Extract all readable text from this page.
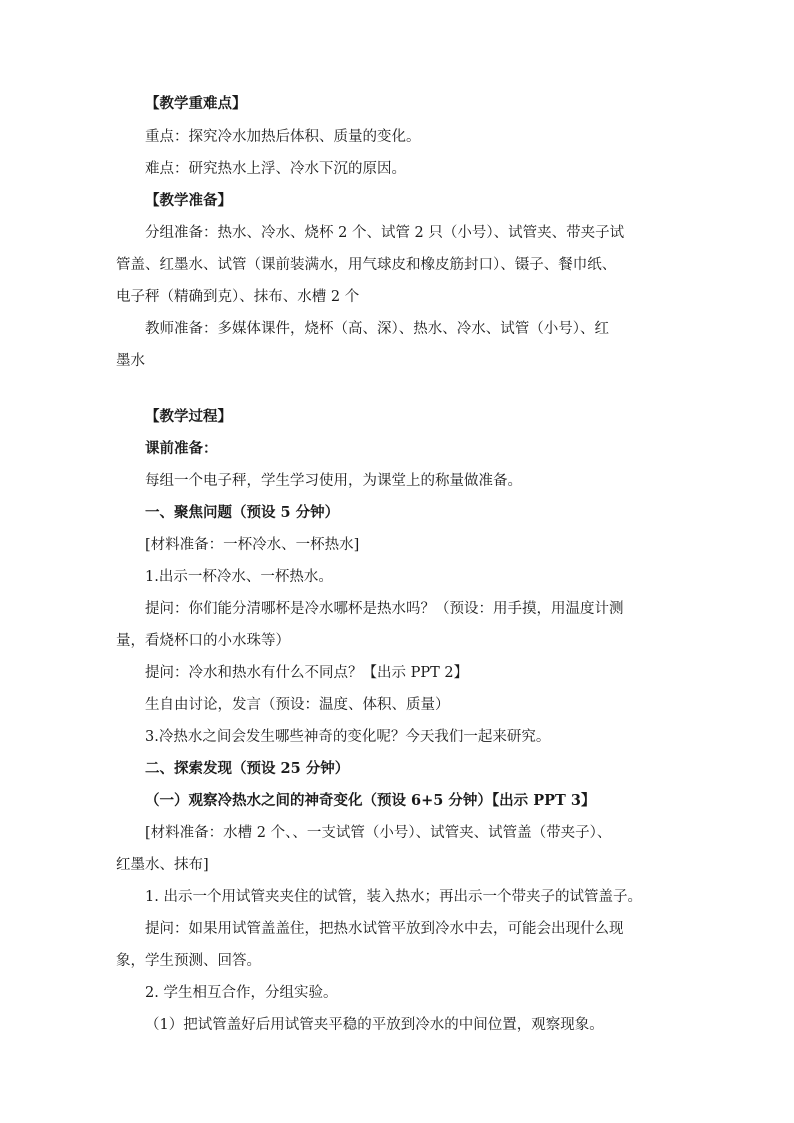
【教学重难点】
重点：探究冷水加热后体积、质量的变化。
难点：研究热水上浮、冷水下沉的原因。
【教学准备】
分组准备：热水、冷水、烧杯 2 个、试管 2 只（小号）、试管夹、带夹子试
管盖、红墨水、试管（课前装满水，用气球皮和橡皮筋封口）、镊子、餐巾纸、
电子秤（精确到克）、抹布、水槽 2 个
教师准备：多媒体课件，烧杯（高、深）、热水、冷水、试管（小号）、红
墨水
【教学过程】
课前准备：
每组一个电子秤，学生学习使用，为课堂上的称量做准备。
一、聚焦问题（预设 5 分钟）
[材料准备：一杯冷水、一杯热水]
1.出示一杯冷水、一杯热水。
提问：你们能分清哪杯是冷水哪杯是热水吗？（预设：用手摸，用温度计测
量，看烧杯口的小水珠等）
提问：冷水和热水有什么不同点？【出示 PPT 2】
生自由讨论，发言（预设：温度、体积、质量）
3.冷热水之间会发生哪些神奇的变化呢？今天我们一起来研究。
二、探索发现（预设 25 分钟）
（一）观察冷热水之间的神奇变化（预设 6+5 分钟）【出示 PPT 3】
[材料准备：水槽 2 个、、一支试管（小号）、试管夹、试管盖（带夹子）、
红墨水、抹布]
1. 出示一个用试管夹夹住的试管，装入热水；再出示一个带夹子的试管盖子。
提问：如果用试管盖盖住，把热水试管平放到冷水中去，可能会出现什么现
象，学生预测、回答。
2. 学生相互合作，分组实验。
（1）把试管盖好后用试管夹平稳的平放到冷水的中间位置，观察现象。
